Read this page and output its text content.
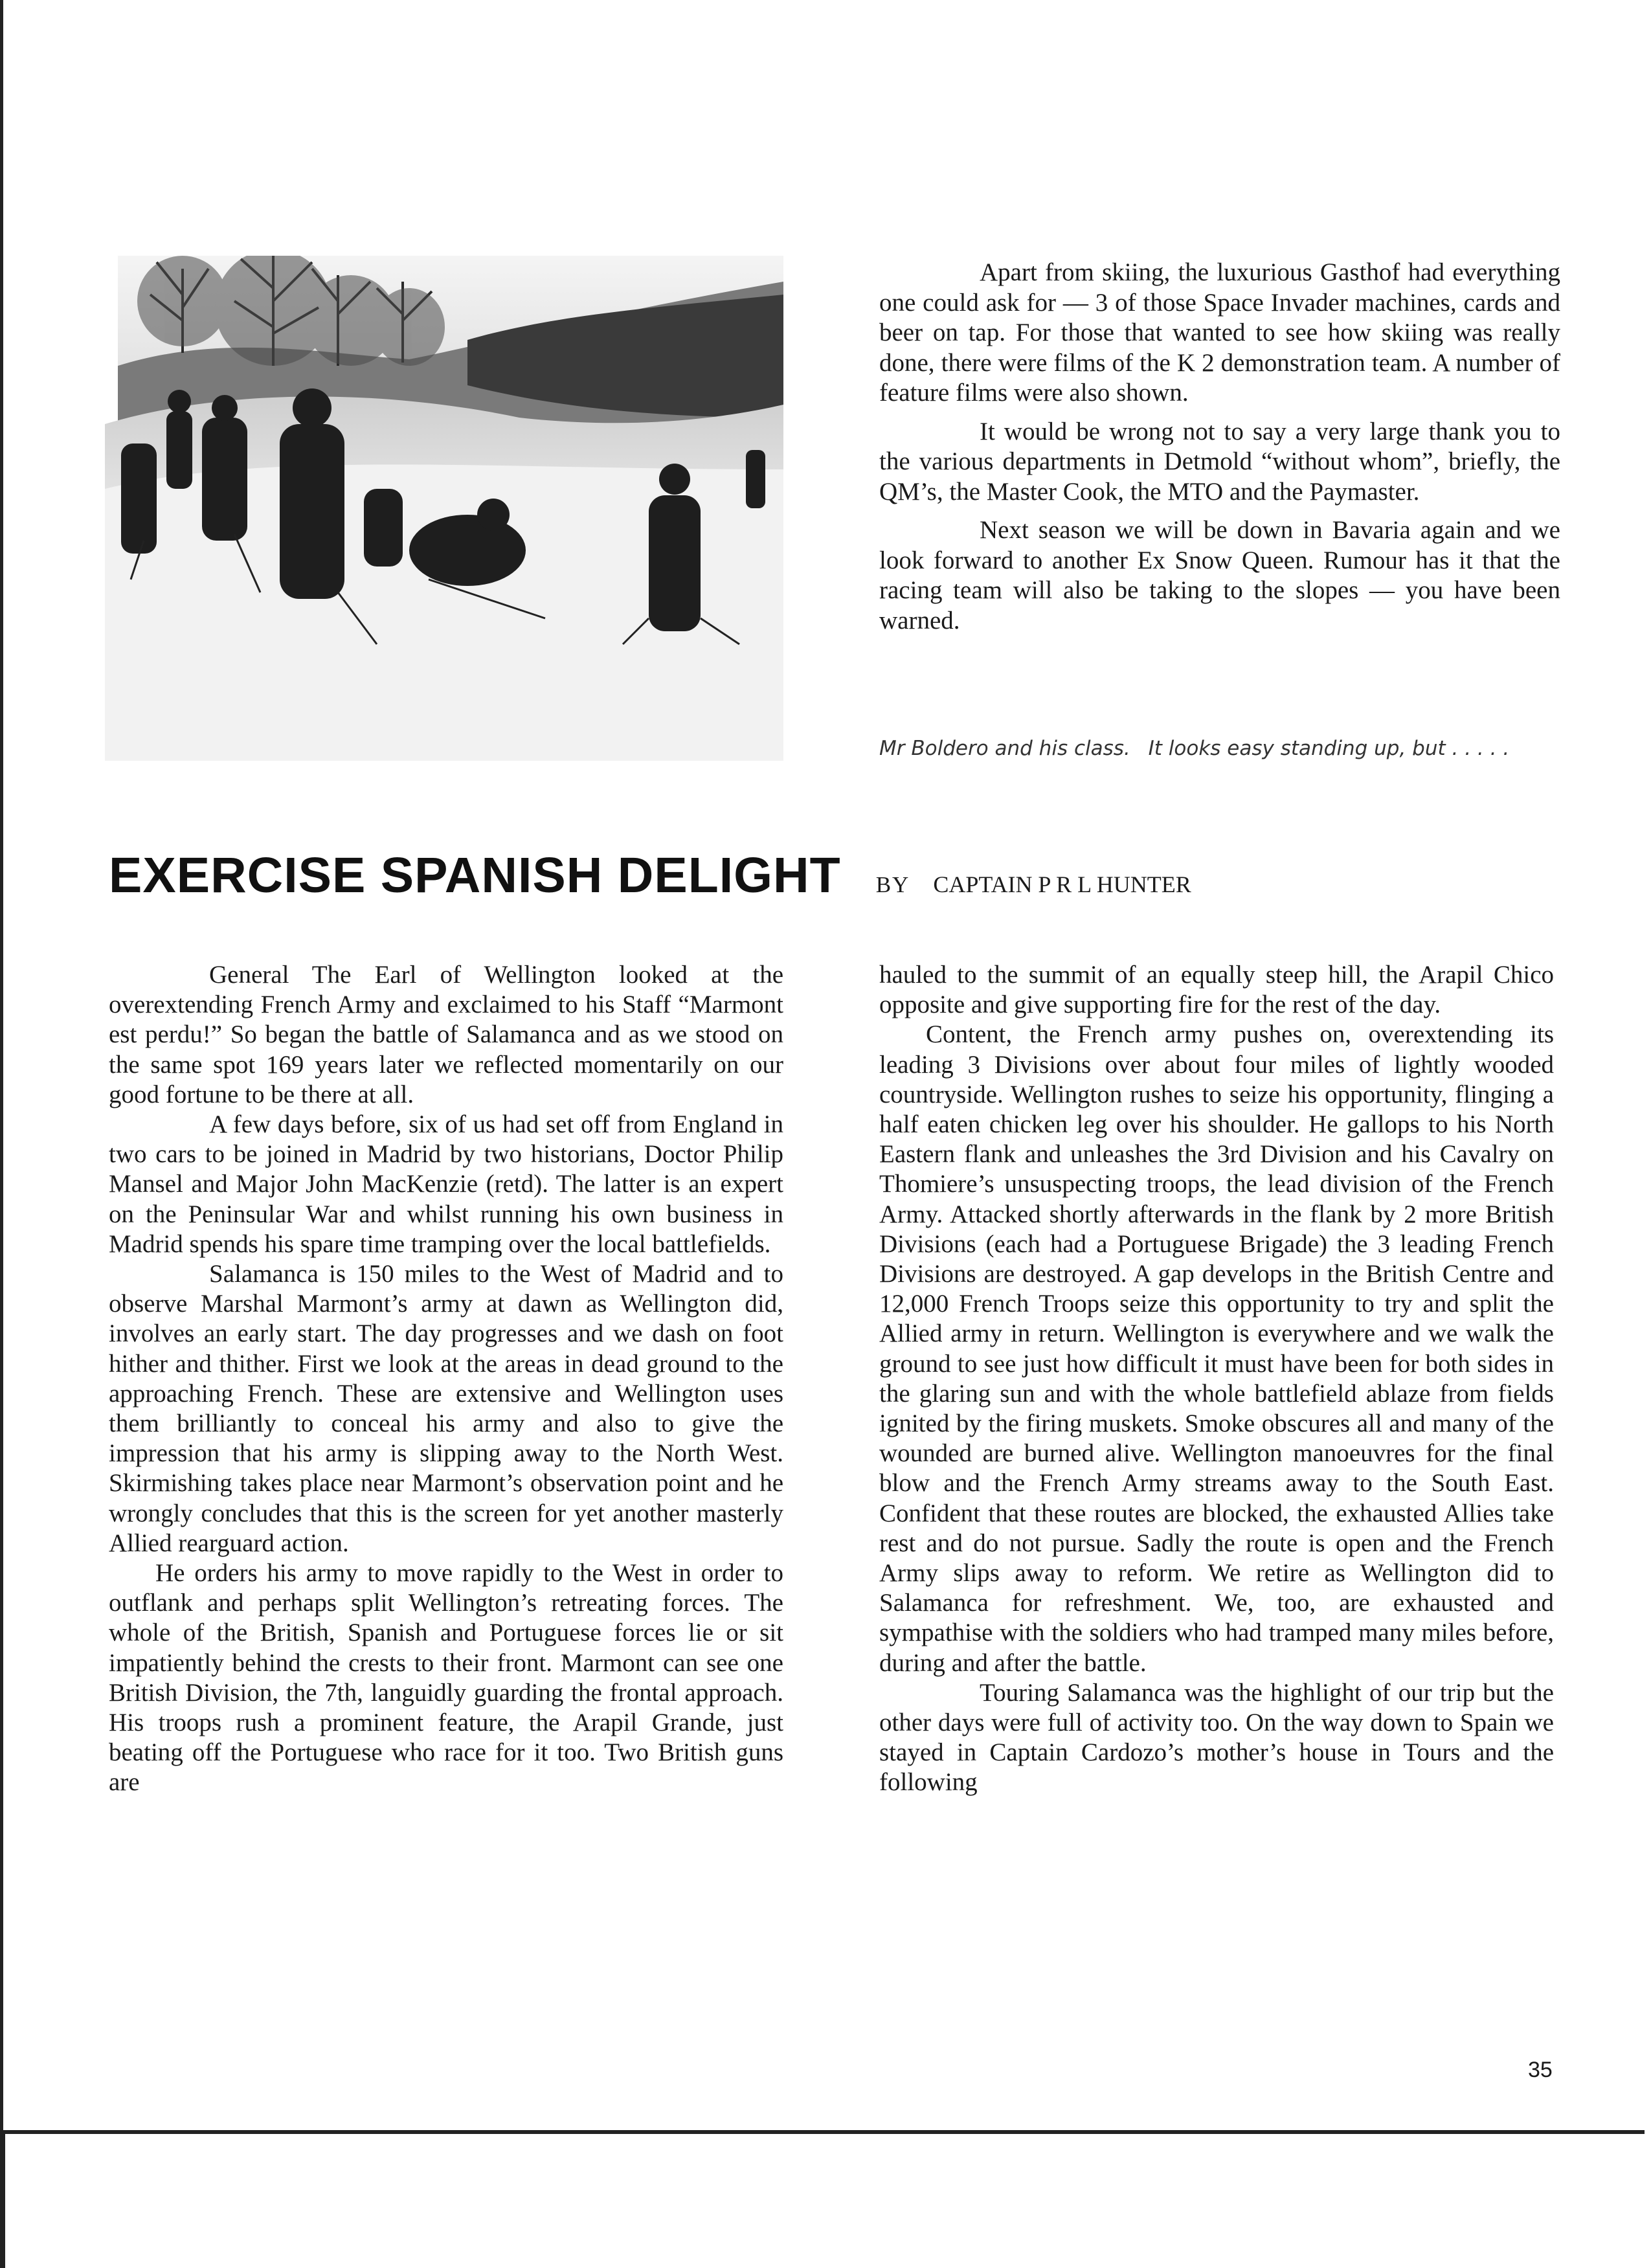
Apart from skiing, the luxurious Gasthof had everything one could ask for — 3 of those Space Invader machines, cards and beer on tap. For those that wanted to see how skiing was really done, there were films of the K 2 demonstration team. A number of feature films were also shown.

It would be wrong not to say a very large thank you to the various departments in Detmold “without whom”, briefly, the QM’s, the Master Cook, the MTO and the Paymaster.

Next season we will be down in Bavaria again and we look forward to another Ex Snow Queen. Rumour has it that the racing team will also be taking to the slopes — you have been warned.

Mr Boldero and his class. It looks easy standing up, but . . . . .
EXERCISE SPANISH DELIGHT BY CAPTAIN P R L HUNTER

General The Earl of Wellington looked at the overextending French Army and exclaimed to his Staff “Marmont est perdu!” So began the battle of Salamanca and as we stood on the same spot 169 years later we reflected momentarily on our good fortune to be there at all.

A few days before, six of us had set off from England in two cars to be joined in Madrid by two historians, Doctor Philip Mansel and Major John MacKenzie (retd). The latter is an expert on the Peninsular War and whilst running his own business in Madrid spends his spare time tramping over the local battlefields.

Salamanca is 150 miles to the West of Madrid and to observe Marshal Marmont’s army at dawn as Wellington did, involves an early start. The day progresses and we dash on foot hither and thither. First we look at the areas in dead ground to the approaching French. These are extensive and Wellington uses them brilliantly to conceal his army and also to give the impression that his army is slipping away to the North West. Skirmishing takes place near Marmont’s observation point and he wrongly concludes that this is the screen for yet another masterly Allied rearguard action.

He orders his army to move rapidly to the West in order to outflank and perhaps split Wellington’s retreating forces. The whole of the British, Spanish and Portuguese forces lie or sit impatiently behind the crests to their front. Marmont can see one British Division, the 7th, languidly guarding the frontal approach. His troops rush a prominent feature, the Arapil Grande, just beating off the Portuguese who race for it too. Two British guns are

hauled to the summit of an equally steep hill, the Arapil Chico opposite and give supporting fire for the rest of the day.

Content, the French army pushes on, overextending its leading 3 Divisions over about four miles of lightly wooded countryside. Wellington rushes to seize his opportunity, flinging a half eaten chicken leg over his shoulder. He gallops to his North Eastern flank and unleashes the 3rd Division and his Cavalry on Thomiere’s unsuspecting troops, the lead division of the French Army. Attacked shortly afterwards in the flank by 2 more British Divisions (each had a Portuguese Brigade) the 3 leading French Divisions are destroyed. A gap develops in the British Centre and 12,000 French Troops seize this opportunity to try and split the Allied army in return. Wellington is everywhere and we walk the ground to see just how difficult it must have been for both sides in the glaring sun and with the whole battlefield ablaze from fields ignited by the firing muskets. Smoke obscures all and many of the wounded are burned alive. Wellington manoeuvres for the final blow and the French Army streams away to the South East. Confident that these routes are blocked, the exhausted Allies take rest and do not pursue. Sadly the route is open and the French Army slips away to reform. We retire as Wellington did to Salamanca for refreshment. We, too, are exhausted and sympathise with the soldiers who had tramped many miles before, during and after the battle.

Touring Salamanca was the highlight of our trip but the other days were full of activity too. On the way down to Spain we stayed in Captain Cardozo’s mother’s house in Tours and the following

35
